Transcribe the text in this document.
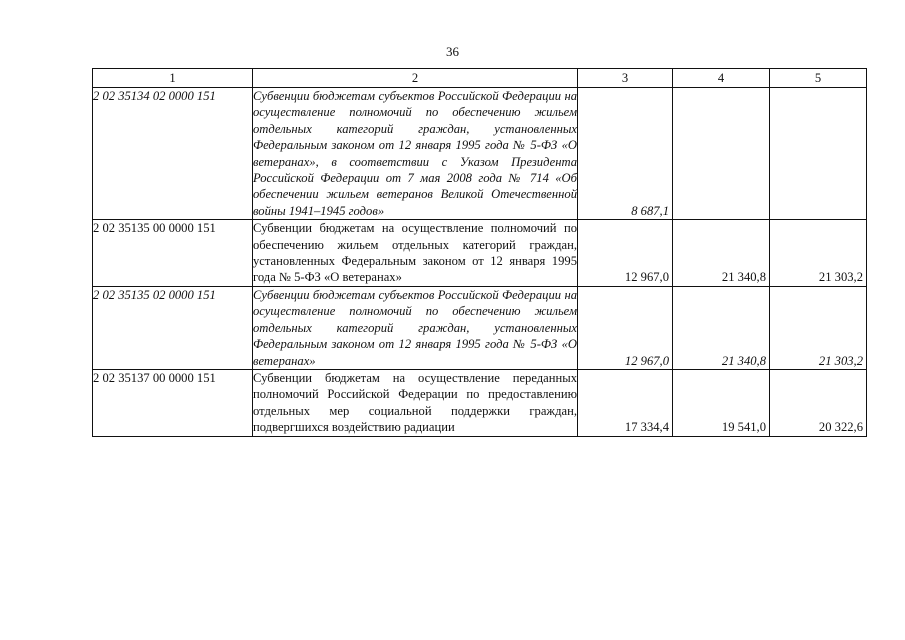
36
1	2	3	4	5
2 02 35134 02 0000 151	Субвенции бюджетам субъектов Российской Федерации на осуществление полномочий по обеспечению жильем отдельных категорий граждан, установленных Федеральным законом от 12 января 1995 года № 5-ФЗ «О ветеранах», в соответствии с Указом Президента Российской Федерации от 7 мая 2008 года № 714 «Об обеспечении жильем ветеранов Великой Отечественной войны 1941–1945 годов»	8 687,1		
2 02 35135 00 0000 151	Субвенции бюджетам на осуществление полномочий по обеспечению жильем отдельных категорий граждан, установленных Федеральным законом от 12 января 1995 года № 5-ФЗ «О ветеранах»	12 967,0	21 340,8	21 303,2
2 02 35135 02 0000 151	Субвенции бюджетам субъектов Российской Федерации на осуществление полномочий по обеспечению жильем отдельных категорий граждан, установленных Федеральным законом от 12 января 1995 года № 5-ФЗ «О ветеранах»	12 967,0	21 340,8	21 303,2
2 02 35137 00 0000 151	Субвенции бюджетам на осуществление переданных полномочий Российской Федерации по предоставлению отдельных мер социальной поддержки граждан, подвергшихся воздействию радиации	17 334,4	19 541,0	20 322,6
